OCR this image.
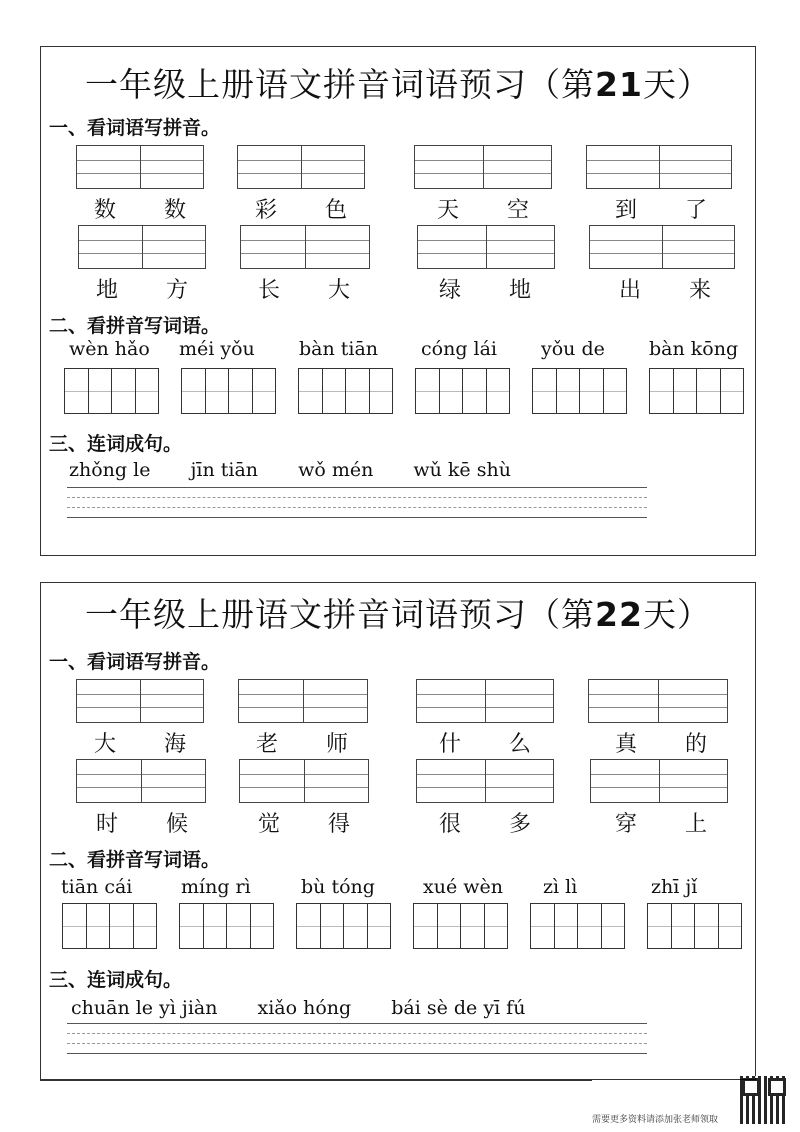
一年级上册语文拼音词语预习（第21天）
一、看词语写拼音。
数 数	彩 色	天 空	到 了
地 方	长 大	绿 地	出 来
二、看拼音写词语。
wèn hǎo méi yǒu bàn tiān cóng lái yǒu de bàn kōng
三、连词成句。
zhǒng le jīn tiān wǒ mén wǔ kē shù
一年级上册语文拼音词语预习（第22天）
一、看词语写拼音。
大 海	老 师	什 么	真 的
时 候	觉 得	很 多	穿 上
二、看拼音写词语。
tiān cái	míng rì	bù tóng	xué wèn zì lì	zhī jǐ
三、连词成句。
chuān le yì jiàn xiǎo hóng bái sè de yī fú
需要更多资料请添加张老师领取
